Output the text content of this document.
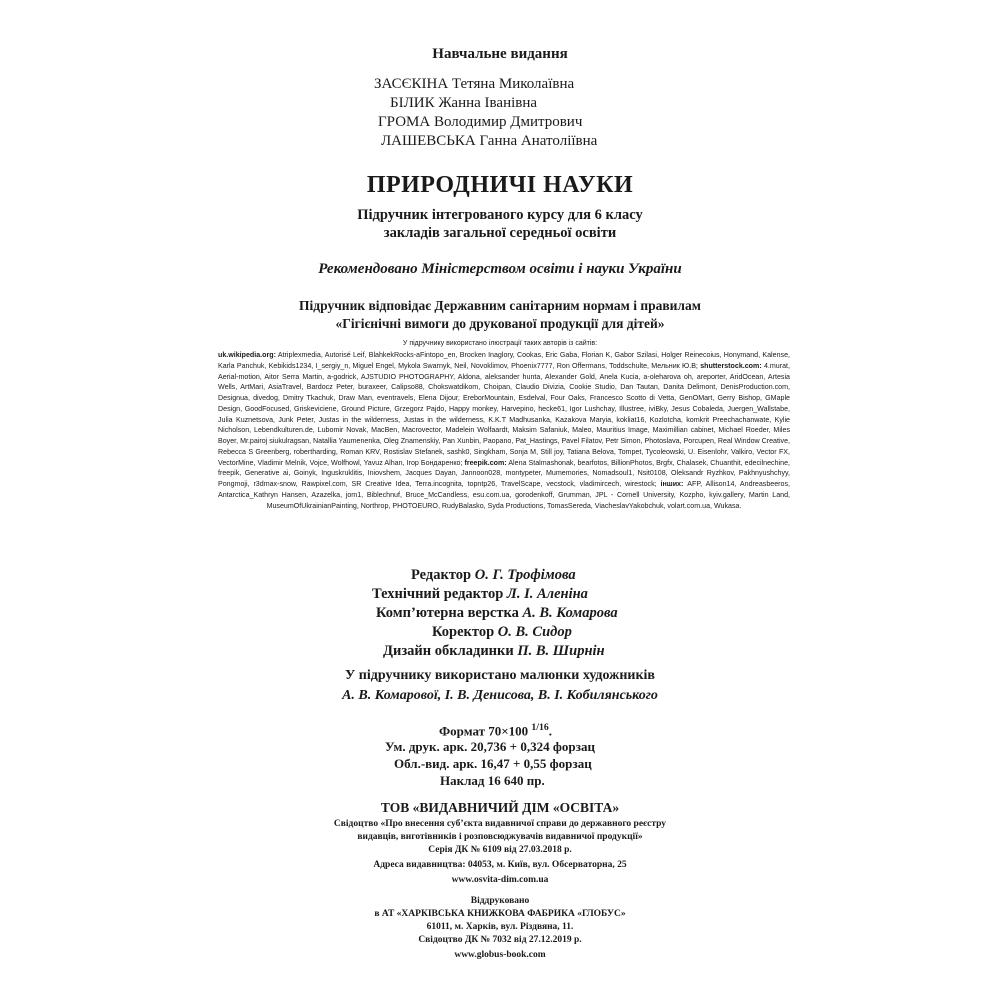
Навчальне видання
ЗАСЄКІНА Тетяна Миколаївна
БІЛИК Жанна Іванівна
ГРОМА Володимир Дмитрович
ЛАШЕВСЬКА Ганна Анатоліївна
ПРИРОДНИЧІ НАУКИ
Підручник інтегрованого курсу для 6 класу
закладів загальної середньої освіти
Рекомендовано Міністерством освіти і науки України
Підручник відповідає Державним санітарним нормам і правилам
«Гігієнічні вимоги до друкованої продукції для дітей»
У підручнику використано ілюстрації таких авторів із сайтів:
uk.wikipedia.org: Atriplexmedia, Autorisé Leif, BlahkekRocks-aFintopo_en, Brocken Inaglory, Cookas, Eric Gaba, Florian K, Gabor Szilasi, Holger Reinecoius, Honymand, Kalense, Karla Panchuk, Kebikids1234, I_sergiy_n, Miguel Engel, Mykola Swarnyk, Neil, Novoklimov, Phoenix7777, Ron Offermans, Toddschulte, Мельник Ю.В; shutterstock.com: 4.murat, Aerial-motion, Aitor Serra Martin, a-godrick, AJSTUDIO PHOTOGRAPHY, Aldona, aleksander hunta, Alexander Gold, Anela Kucia, a-oleharova oh, areporter, AridOcean, Artesia Wells, ArtMari, AsiaTravel, Bardocz Peter, buraxeer, Calipso88, Chokswatdikom, Choipan, Claudio Divizia, Cookie Studio, Dan Tautan, Danita Delimont, DenisProduction.com, Designua, divedog, Dmitry Tkachuk, Draw Man, eventravels, Elena Dijour, EreborMountain, Esdelval, Four Oaks, Francesco Scotto di Vetta, GenOMart, Gerry Bishop, GMaple Design, GoodFocused, Griskeviciene, Ground Picture, Grzegorz Pajdo, Happy monkey, Harvepino, hecke61, Igor Lushchay, Illustree, iviBky, Jesus Cobaleda, Juergen_Wallstabe, Julia Kuznetsova, Junk Peter, Justas in the wilderness, Justas in the wilderness, K.K.T Madhusanka, Kazakova Maryia, kokliat16, Kozlotcha, komkrit Preechachanwate, Kylie Nicholson, Lebendkulturen.de, Lubomir Novak, MacBen, Macrovector, Madelein Wolfaardt, Maksim Safaniuk, Maleo, Mauritius Image, Maximillian cabinet, Michael Roeder, Miles Boyer, Mr.pairoj siukulragsan, Natallia Yaumenenka, Oleg Znamenskiy, Pan Xunbin, Paopano, Pat_Hastings, Pavel Filatov, Petr Simon, Photoslava, Porcupen, Real Window Creative, Rebecca S Greenberg, robertharding, Roman KRV, Rostislav Stefanek, sashk0, Singkham, Sonja M, Still joy, Tatiana Belova, Tompet, Tycoleowski, U. Eisenlohr, Valkiro, Vector FX, VectorMine, Vladimir Melnik, Vojce, Wolfhowl, Yavuz Alhan, Ігор Бондаренко; freepik.com: Alena Stalmashonak, bearfotos, BillionPhotos, Brgfx, Chalasek, Chuanthit, edecilnechine, freepik, Generative ai, Goinyk, Inguskruklitis, Iniovshem, Jacques Dayan, Jannoon028, montypeter, Mumemories, Nomadsoul1, Nsit0108, Oleksandr Ryzhkov, Pakhnyushchyy, Pongmoji, r3dmax-snow, Rawpixel.com, SR Creative Idea, Terra.incognita, topntp26, TravelScape, vecstock, vladimircech, wirestock; інших: AFP, Allison14, Andreasbeeros, Antarctica_Kathryn Hansen, Azazelka, jom1, Biblechnuf, Bruce_McCandless, esu.com.ua, gorodenkoff, Grumman, JPL - Cornell University, Kozpho, kyiv.gallery, Martin Land, MuseumOfUkrainianPainting, Northrop, PHOTOEURO, RudyBalasko, Syda Productions, TomasSereda, ViacheslavYakobchuk, volart.com.ua, Wukasa.
Редактор О. Г. Трофімова
Технічний редактор Л. І. Аленіна
Комп’ютерна верстка А. В. Комарова
Коректор О. В. Сидор
Дизайн обкладинки П. В. Ширнін
У підручнику використано малюнки художників
А. В. Комарової, І. В. Денисова, В. І. Кобилянського
Формат 70×100 $^{1/16}$.
Ум. друк. арк. 20,736 + 0,324 форзац
Обл.-вид. арк. 16,47 + 0,55 форзац
Наклад 16 640 пр.
ТОВ «ВИДАВНИЧИЙ ДІМ «ОСВІТА»
Свідоцтво «Про внесення суб’єкта видавничої справи до державного реєстру
видавців, виготівників і розповсюджувачів видавничої продукції»
Серія ДК № 6109 від 27.03.2018 р.
Адреса видавництва: 04053, м. Київ, вул. Обсерваторна, 25
www.osvita-dim.com.ua
Віддруковано
в АТ «ХАРКІВСЬКА КНИЖКОВА ФАБРИКА «ГЛОБУС»
61011, м. Харків, вул. Різдвяна, 11.
Свідоцтво ДК № 7032 від 27.12.2019 р.
www.globus-book.com
